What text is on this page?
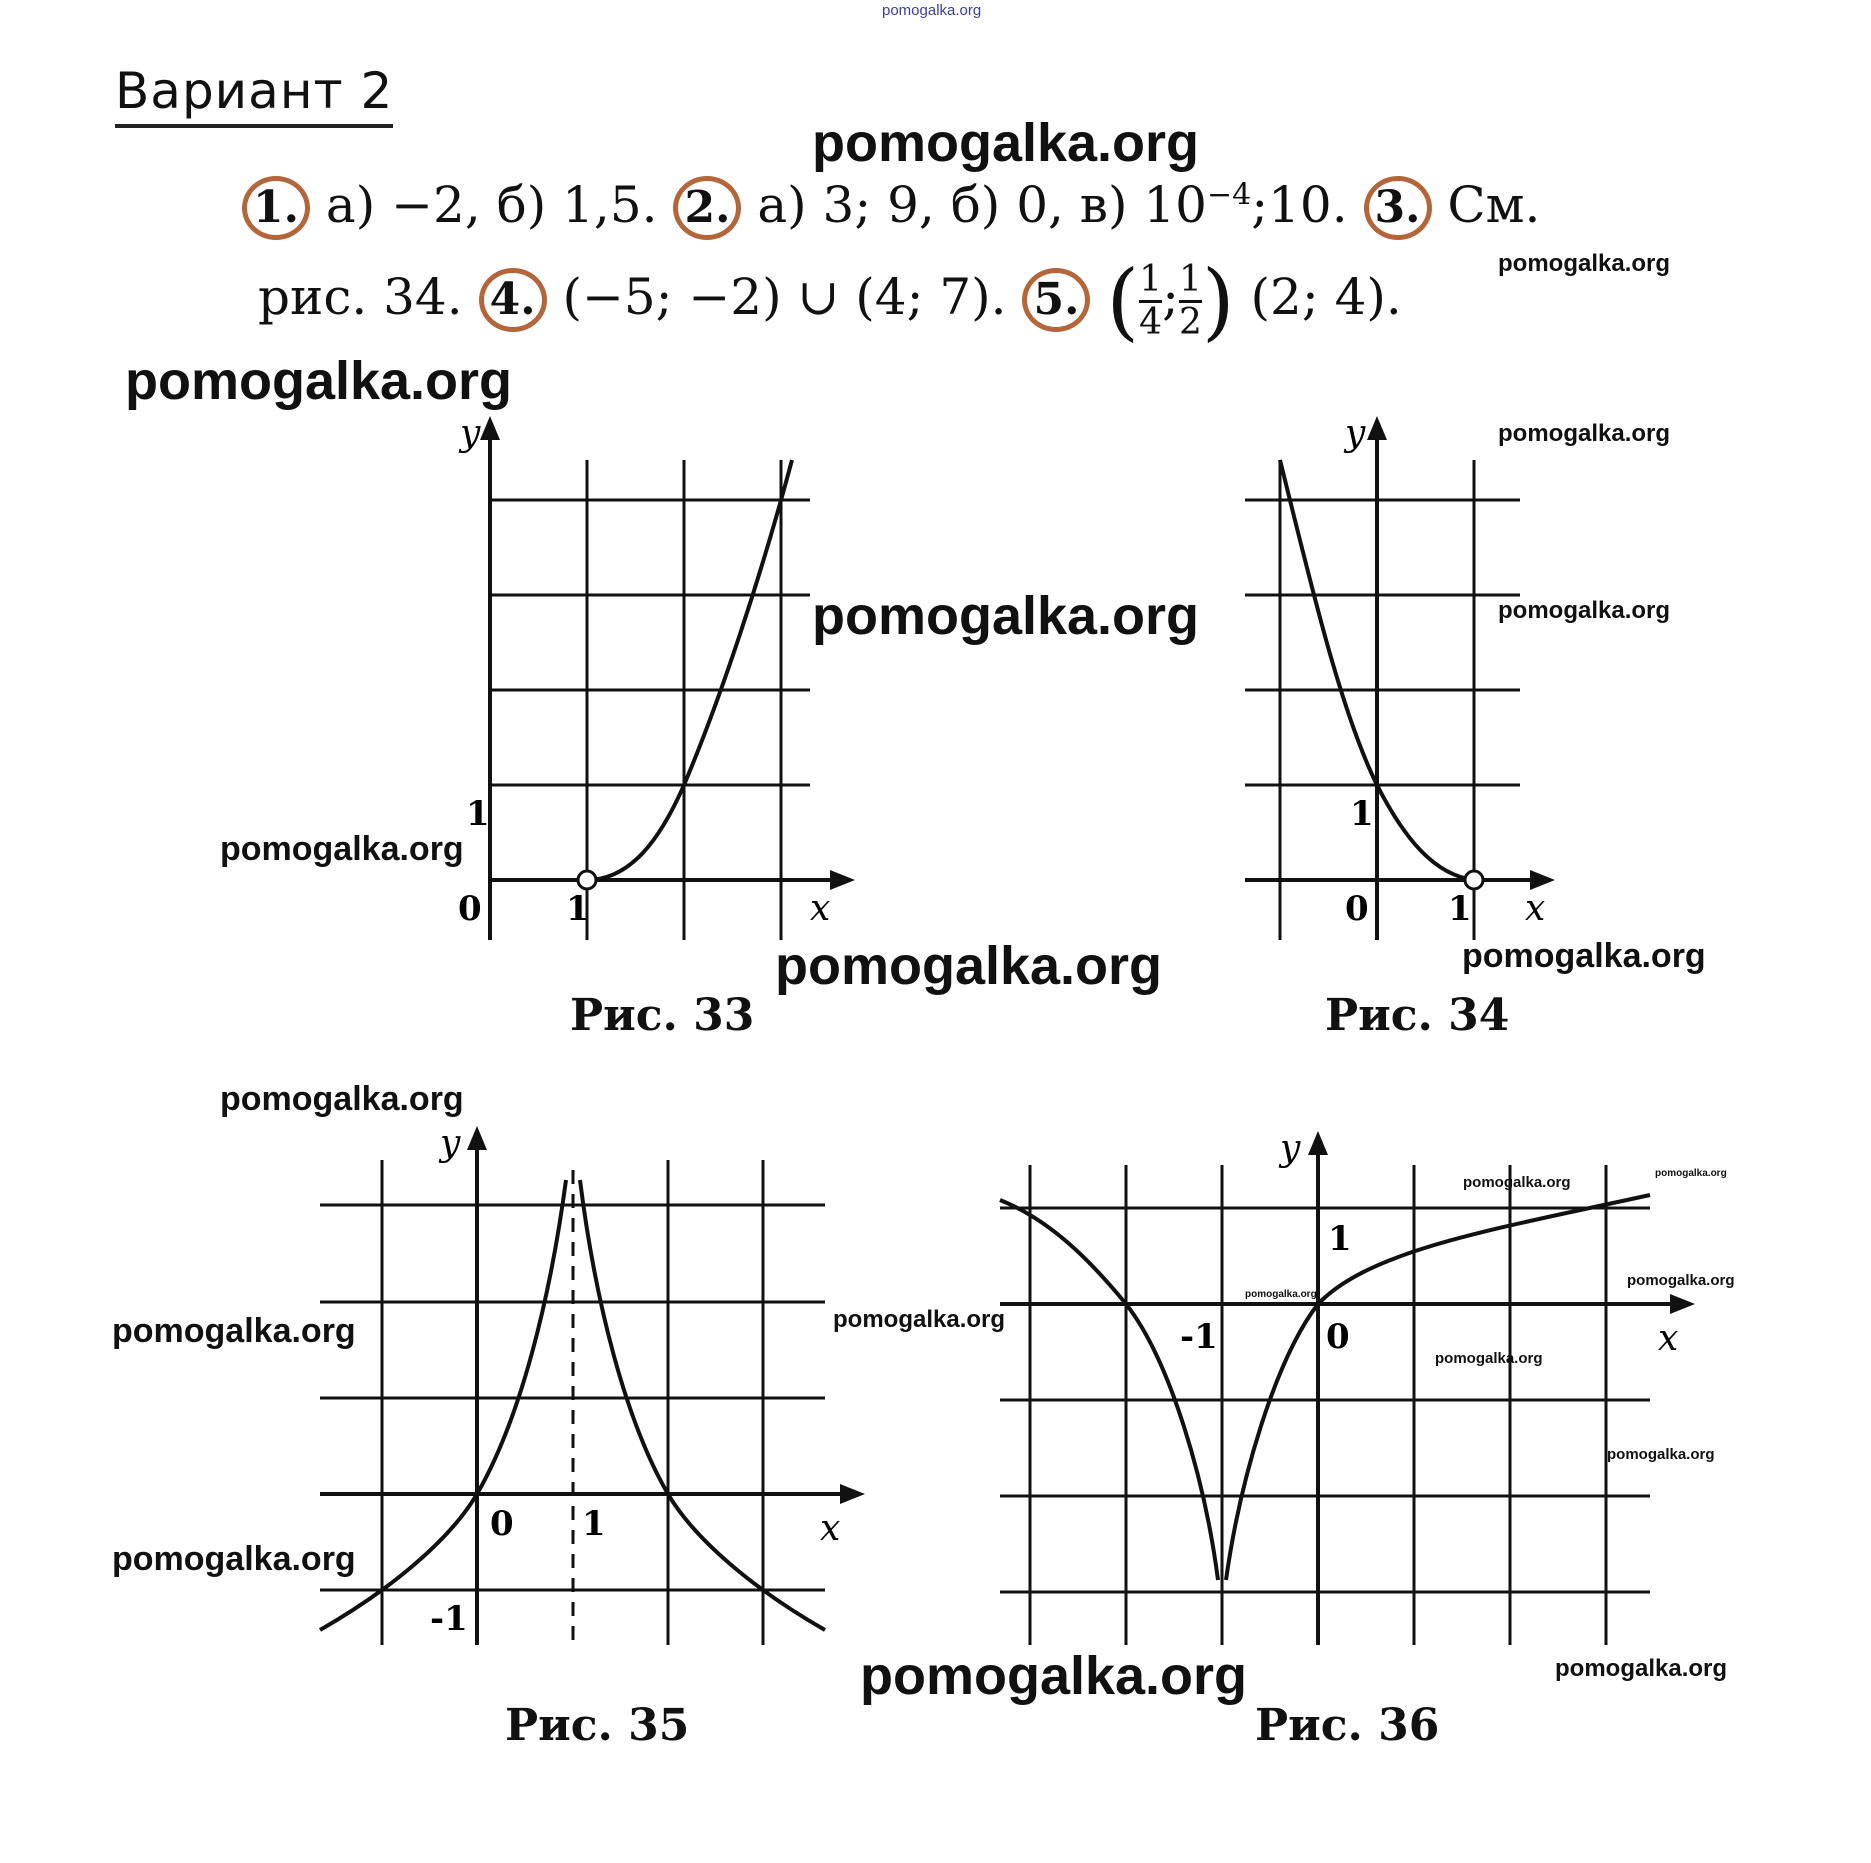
pomogalka.org
Вариант 2
1. а) −2, б) 1,5. 2. а) 3; 9, б) 0, в) $10^{-4};10$. 3. См.
рис. 34. 4. (−5; −2) ∪ (4; 7). 5. ( $\frac{1}{4}$ ; $\frac{1}{2}$ ) (2; 4).
y
x
0 1
1
Рис. 33
y
x
0 1
1
Рис. 34
y
x
0 1
-1
Рис. 35
y
x
0
-1
1
Рис. 36
pomogalka.org
pomogalka.org
pomogalka.org
pomogalka.org
pomogalka.org	pomogalka.org
pomogalka.org
pomogalka.org	pomogalka.org
pomogalka.org
pomogalka.org
pomogalka.org
pomogalka.org	pomogalka.org
pomogalka.org
pomogalka.org
pomogalka.org
pomogalka.org
pomogalka.org
pomogalka.org	pomogalka.org
